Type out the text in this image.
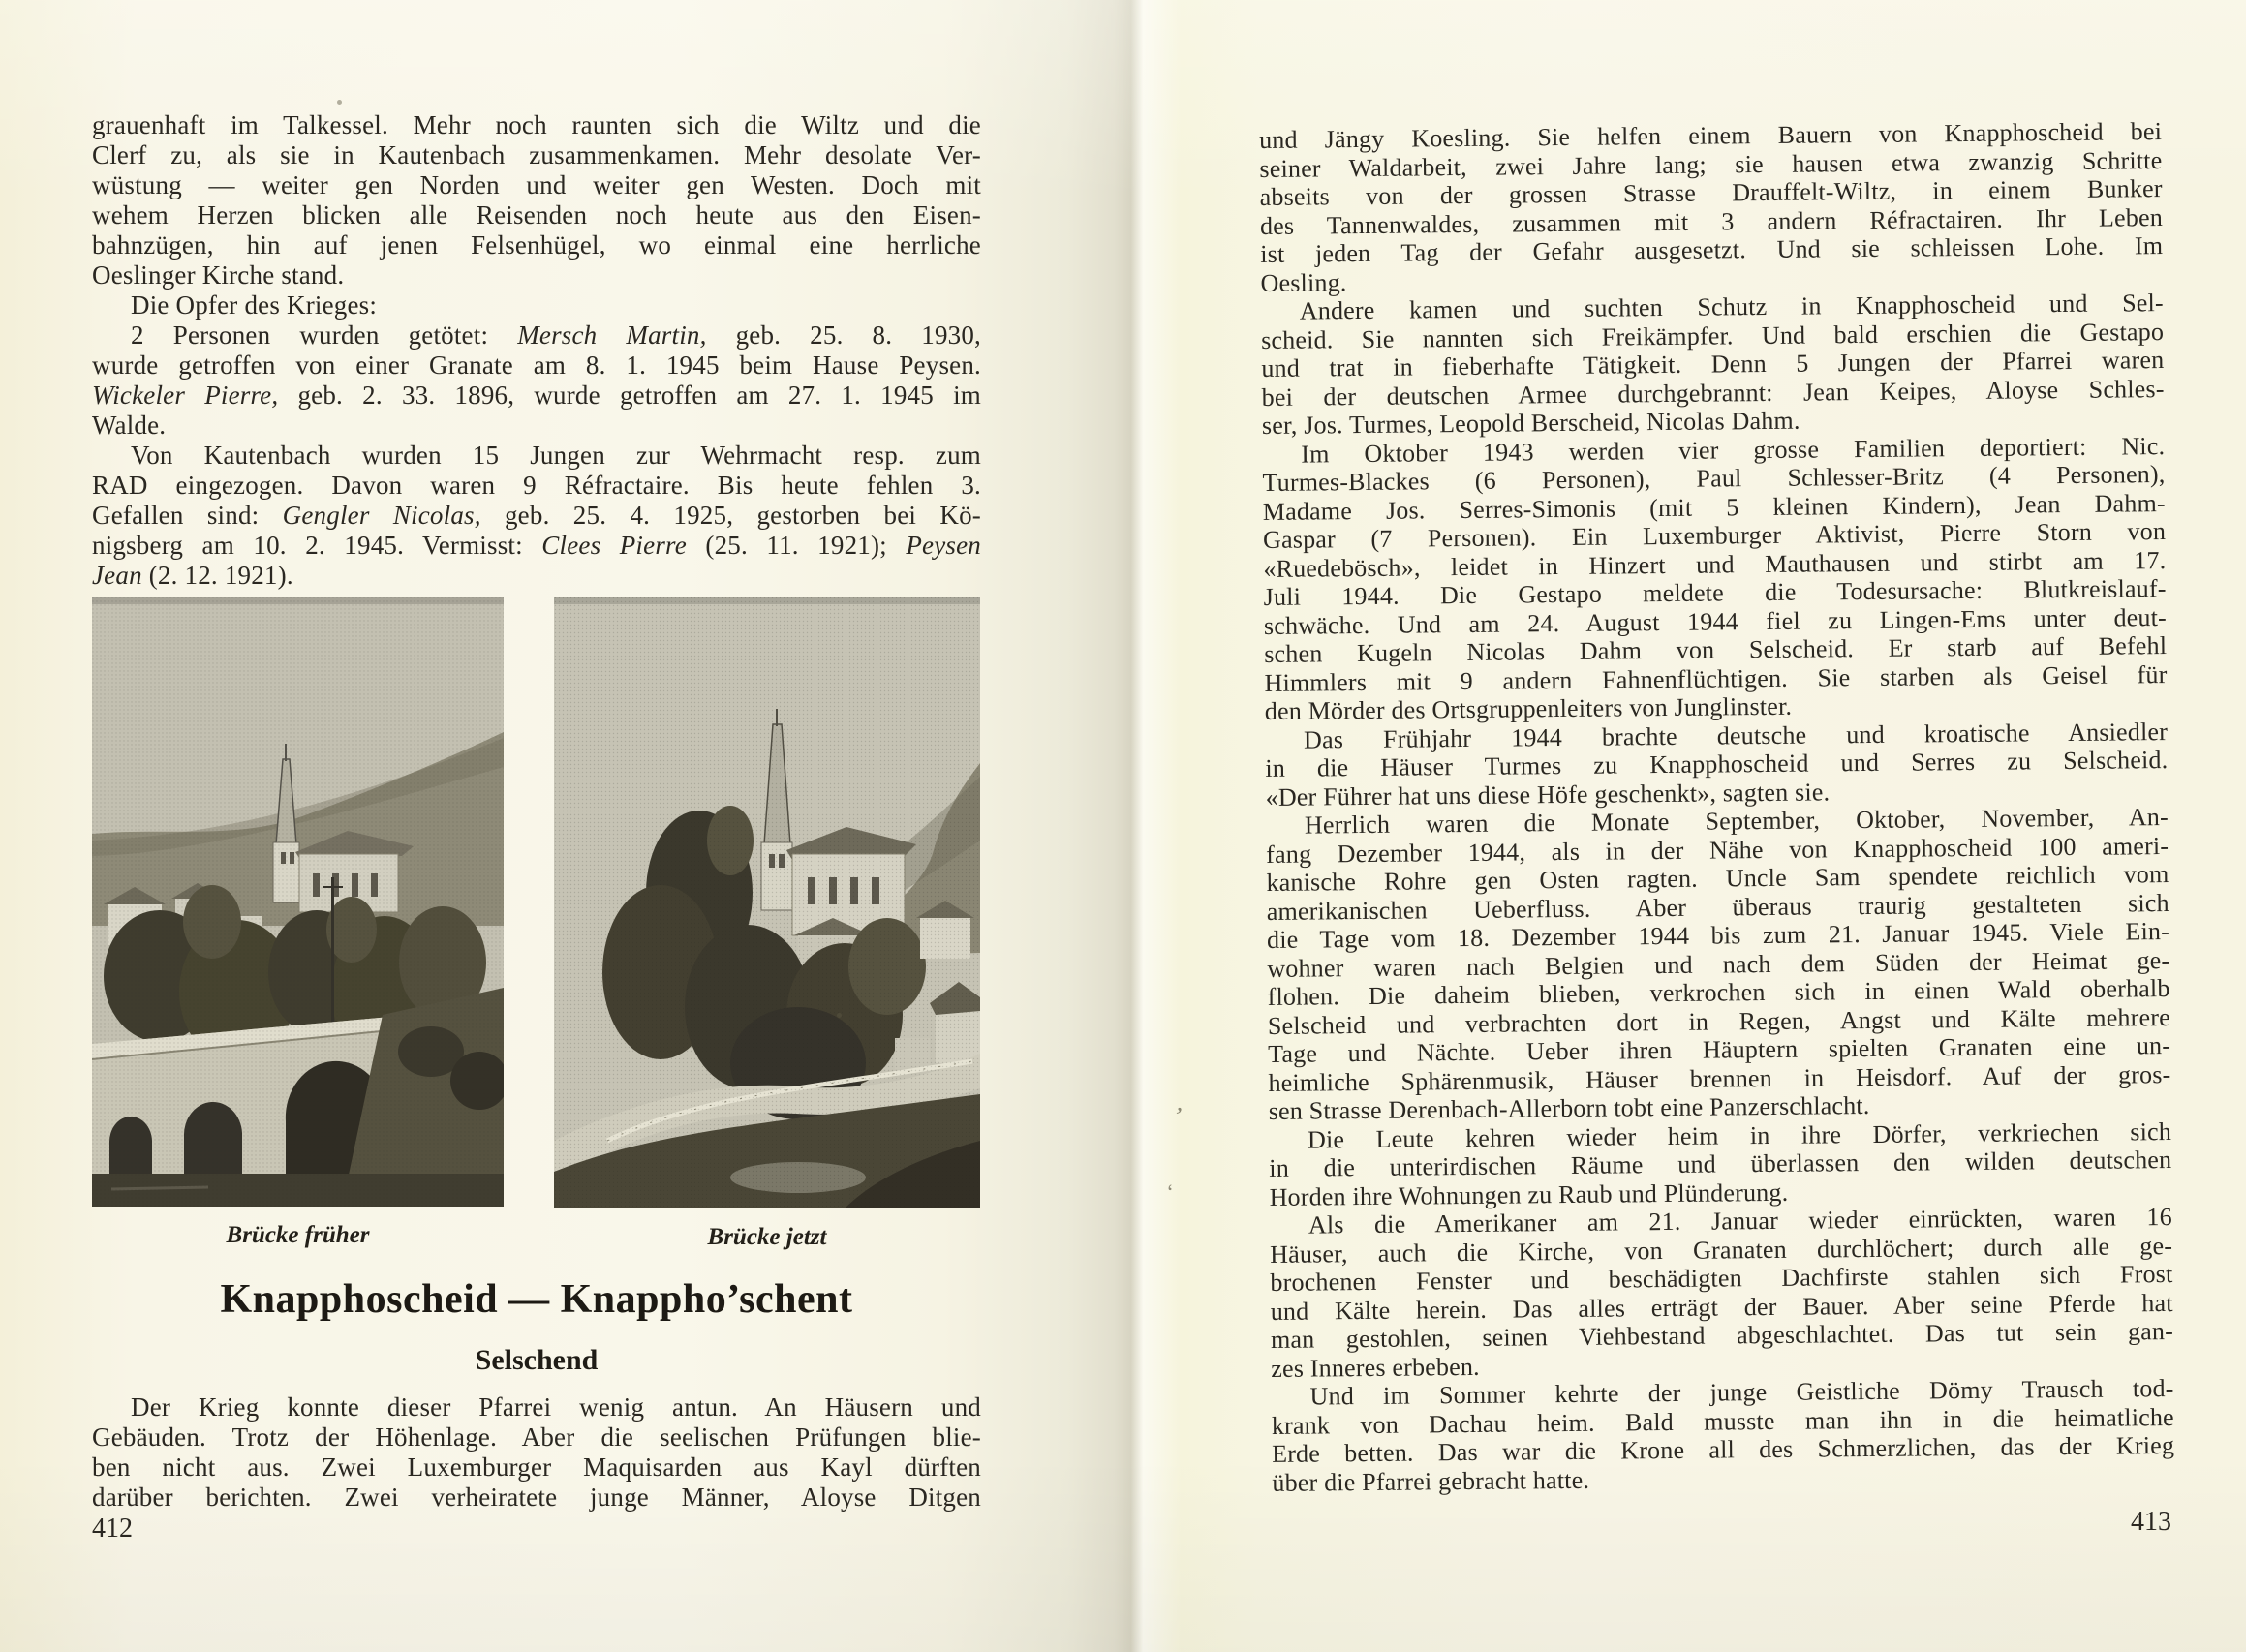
grauenhaft im Talkessel. Mehr noch raunten sich die Wiltz und die
Clerf zu, als sie in Kautenbach zusammenkamen. Mehr desolate Ver-
wüstung — weiter gen Norden und weiter gen Westen. Doch mit
wehem Herzen blicken alle Reisenden noch heute aus den Eisen-
bahnzügen, hin auf jenen Felsenhügel, wo einmal eine herrliche
Oeslinger Kirche stand.
Die Opfer des Krieges:
2 Personen wurden getötet: Mersch Martin, geb. 25. 8. 1930,
wurde getroffen von einer Granate am 8. 1. 1945 beim Hause Peysen.
Wickeler Pierre, geb. 2. 33. 1896, wurde getroffen am 27. 1. 1945 im
Walde.
Von Kautenbach wurden 15 Jungen zur Wehrmacht resp. zum
RAD eingezogen. Davon waren 9 Réfractaire. Bis heute fehlen 3.
Gefallen sind: Gengler Nicolas, geb. 25. 4. 1925, gestorben bei Kö-
nigsberg am 10. 2. 1945. Vermisst: Clees Pierre (25. 11. 1921); Peysen
Jean (2. 12. 1921).
Brücke früher	Brücke jetzt
Knapphoscheid — Knappho’schent
Selschend
Der Krieg konnte dieser Pfarrei wenig antun. An Häusern und
Gebäuden. Trotz der Höhenlage. Aber die seelischen Prüfungen blie-
ben nicht aus. Zwei Luxemburger Maquisarden aus Kayl dürften
darüber berichten. Zwei verheiratete junge Männer, Aloyse Ditgen
412
und Jängy Koesling. Sie helfen einem Bauern von Knapphoscheid bei
seiner Waldarbeit, zwei Jahre lang; sie hausen etwa zwanzig Schritte
abseits von der grossen Strasse Drauffelt-Wiltz, in einem Bunker
des Tannenwaldes, zusammen mit 3 andern Réfractairen. Ihr Leben
ist jeden Tag der Gefahr ausgesetzt. Und sie schleissen Lohe. Im
Oesling.
Andere kamen und suchten Schutz in Knapphoscheid und Sel-
scheid. Sie nannten sich Freikämpfer. Und bald erschien die Gestapo
und trat in fieberhafte Tätigkeit. Denn 5 Jungen der Pfarrei waren
bei der deutschen Armee durchgebrannt: Jean Keipes, Aloyse Schles-
ser, Jos. Turmes, Leopold Berscheid, Nicolas Dahm.
Im Oktober 1943 werden vier grosse Familien deportiert: Nic.
Turmes-Blackes (6 Personen), Paul Schlesser-Britz (4 Personen),
Madame Jos. Serres-Simonis (mit 5 kleinen Kindern), Jean Dahm-
Gaspar (7 Personen). Ein Luxemburger Aktivist, Pierre Storn von
«Ruedebösch», leidet in Hinzert und Mauthausen und stirbt am 17.
Juli 1944. Die Gestapo meldete die Todesursache: Blutkreislauf-
schwäche. Und am 24. August 1944 fiel zu Lingen-Ems unter deut-
schen Kugeln Nicolas Dahm von Selscheid. Er starb auf Befehl
Himmlers mit 9 andern Fahnenflüchtigen. Sie starben als Geisel für
den Mörder des Ortsgruppenleiters von Junglinster.
Das Frühjahr 1944 brachte deutsche und kroatische Ansiedler
in die Häuser Turmes zu Knapphoscheid und Serres zu Selscheid.
«Der Führer hat uns diese Höfe geschenkt», sagten sie.
Herrlich waren die Monate September, Oktober, November, An-
fang Dezember 1944, als in der Nähe von Knapphoscheid 100 ameri-
kanische Rohre gen Osten ragten. Uncle Sam spendete reichlich vom
amerikanischen Ueberfluss. Aber überaus traurig gestalteten sich
die Tage vom 18. Dezember 1944 bis zum 21. Januar 1945. Viele Ein-
wohner waren nach Belgien und nach dem Süden der Heimat ge-
flohen. Die daheim blieben, verkrochen sich in einen Wald oberhalb
Selscheid und verbrachten dort in Regen, Angst und Kälte mehrere
Tage und Nächte. Ueber ihren Häuptern spielten Granaten eine un-
heimliche Sphärenmusik, Häuser brennen in Heisdorf. Auf der gros-
sen Strasse Derenbach-Allerborn tobt eine Panzerschlacht.
Die Leute kehren wieder heim in ihre Dörfer, verkriechen sich
in die unterirdischen Räume und überlassen den wilden deutschen
Horden ihre Wohnungen zu Raub und Plünderung.
Als die Amerikaner am 21. Januar wieder einrückten, waren 16
Häuser, auch die Kirche, von Granaten durchlöchert; durch alle ge-
brochenen Fenster und beschädigten Dachfirste stahlen sich Frost
und Kälte herein. Das alles erträgt der Bauer. Aber seine Pferde hat
man gestohlen, seinen Viehbestand abgeschlachtet. Das tut sein gan-
zes Inneres erbeben.
Und im Sommer kehrte der junge Geistliche Dömy Trausch tod-
krank von Dachau heim. Bald musste man ihn in die heimatliche
Erde betten. Das war die Krone all des Schmerzlichen, das der Krieg
über die Pfarrei gebracht hatte.
413
’
‘
